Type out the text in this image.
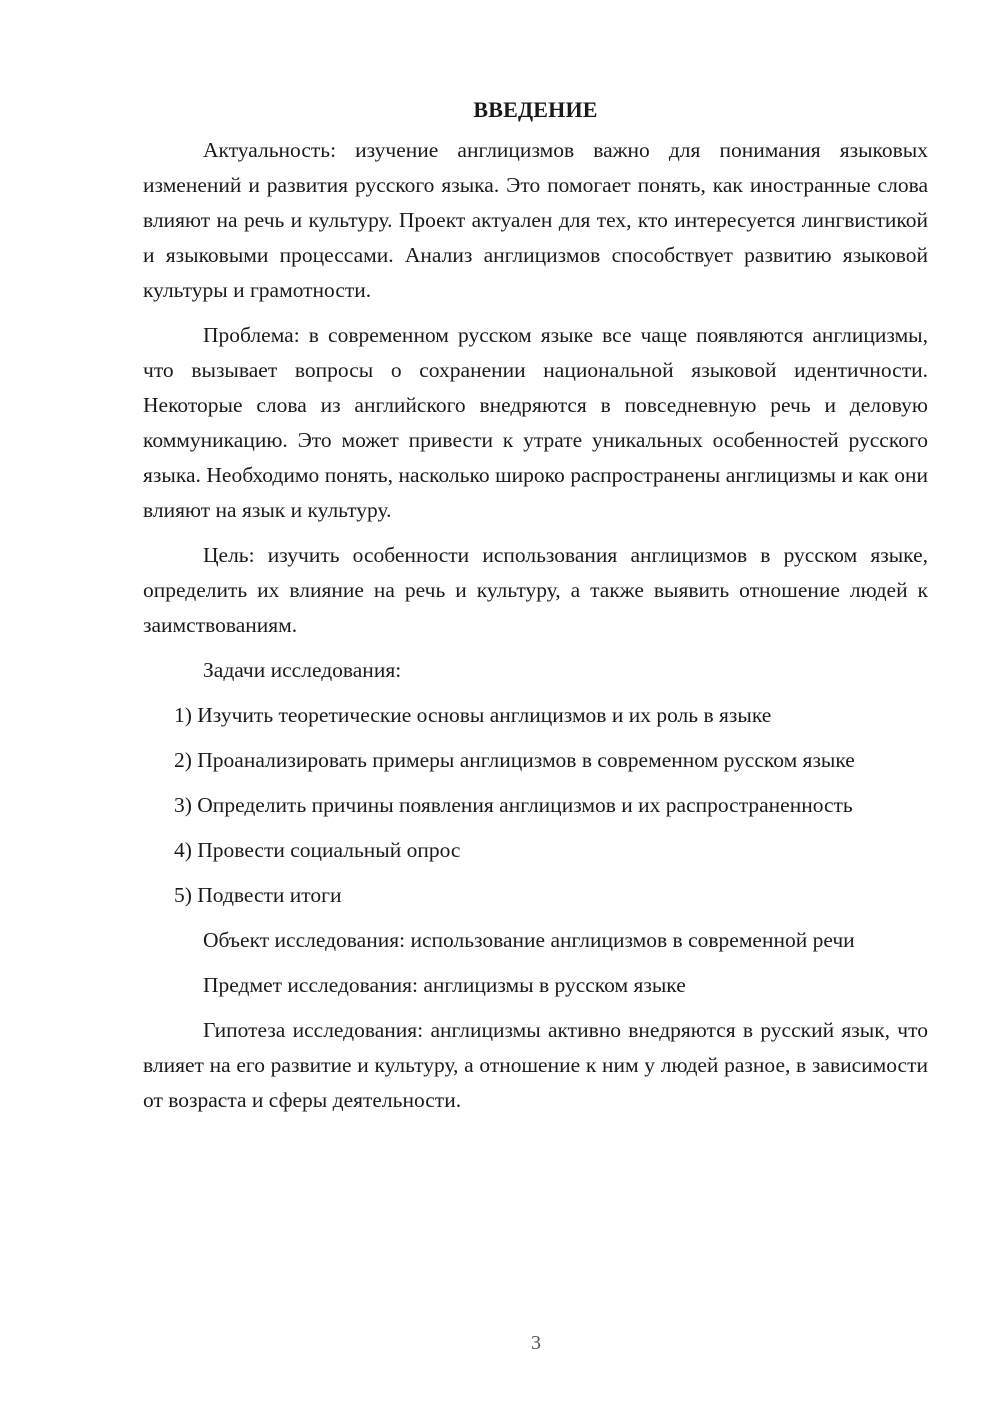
ВВЕДЕНИЕ

Актуальность: изучение англицизмов важно для понимания языковых изменений и развития русского языка. Это помогает понять, как иностранные слова влияют на речь и культуру. Проект актуален для тех, кто интересуется лингвистикой и языковыми процессами. Анализ англицизмов способствует развитию языковой культуры и грамотности.

Проблема: в современном русском языке все чаще появляются англицизмы, что вызывает вопросы о сохранении национальной языковой идентичности. Некоторые слова из английского внедряются в повседневную речь и деловую коммуникацию. Это может привести к утрате уникальных особенностей русского языка. Необходимо понять, насколько широко распространены англицизмы и как они влияют на язык и культуру.

Цель: изучить особенности использования англицизмов в русском языке, определить их влияние на речь и культуру, а также выявить отношение людей к заимствованиям.

Задачи исследования:

1) Изучить теоретические основы англицизмов и их роль в языке

2) Проанализировать примеры англицизмов в современном русском языке

3) Определить причины появления англицизмов и их распространенность

4) Провести социальный опрос

5) Подвести итоги

Объект исследования: использование англицизмов в современной речи

Предмет исследования: англицизмы в русском языке

Гипотеза исследования: англицизмы активно внедряются в русский язык, что влияет на его развитие и культуру, а отношение к ним у людей разное, в зависимости от возраста и сферы деятельности.

3
